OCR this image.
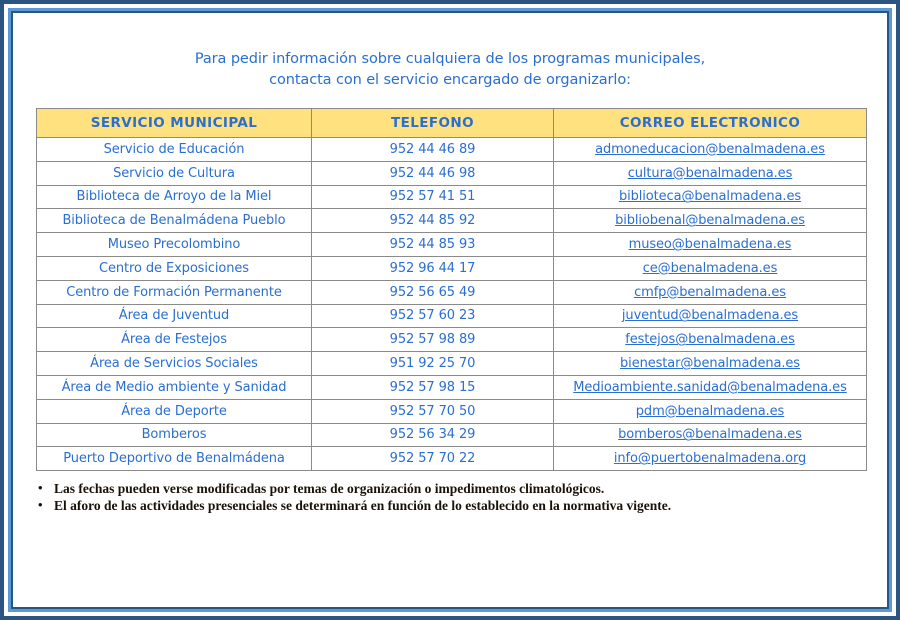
Para pedir información sobre cualquiera de los programas municipales,
contacta con el servicio encargado de organizarlo:
SERVICIO MUNICIPAL	TELEFONO	CORREO ELECTRONICO
Servicio de Educación	952 44 46 89	admoneducacion@benalmadena.es
Servicio de Cultura	952 44 46 98	cultura@benalmadena.es
Biblioteca de Arroyo de la Miel	952 57 41 51	biblioteca@benalmadena.es
Biblioteca de Benalmádena Pueblo	952 44 85 92	bibliobenal@benalmadena.es
Museo Precolombino	952 44 85 93	museo@benalmadena.es
Centro de Exposiciones	952 96 44 17	ce@benalmadena.es
Centro de Formación Permanente	952 56 65 49	cmfp@benalmadena.es
Área de Juventud	952 57 60 23	juventud@benalmadena.es
Área de Festejos	952 57 98 89	festejos@benalmadena.es
Área de Servicios Sociales	951 92 25 70	bienestar@benalmadena.es
Área de Medio ambiente y Sanidad	952 57 98 15	Medioambiente.sanidad@benalmadena.es
Área de Deporte	952 57 70 50	pdm@benalmadena.es
Bomberos	952 56 34 29	bomberos@benalmadena.es
Puerto Deportivo de Benalmádena	952 57 70 22	info@puertobenalmadena.org
• Las fechas pueden verse modificadas por temas de organización o impedimentos climatológicos.
• El aforo de las actividades presenciales se determinará en función de lo establecido en la normativa vigente.
